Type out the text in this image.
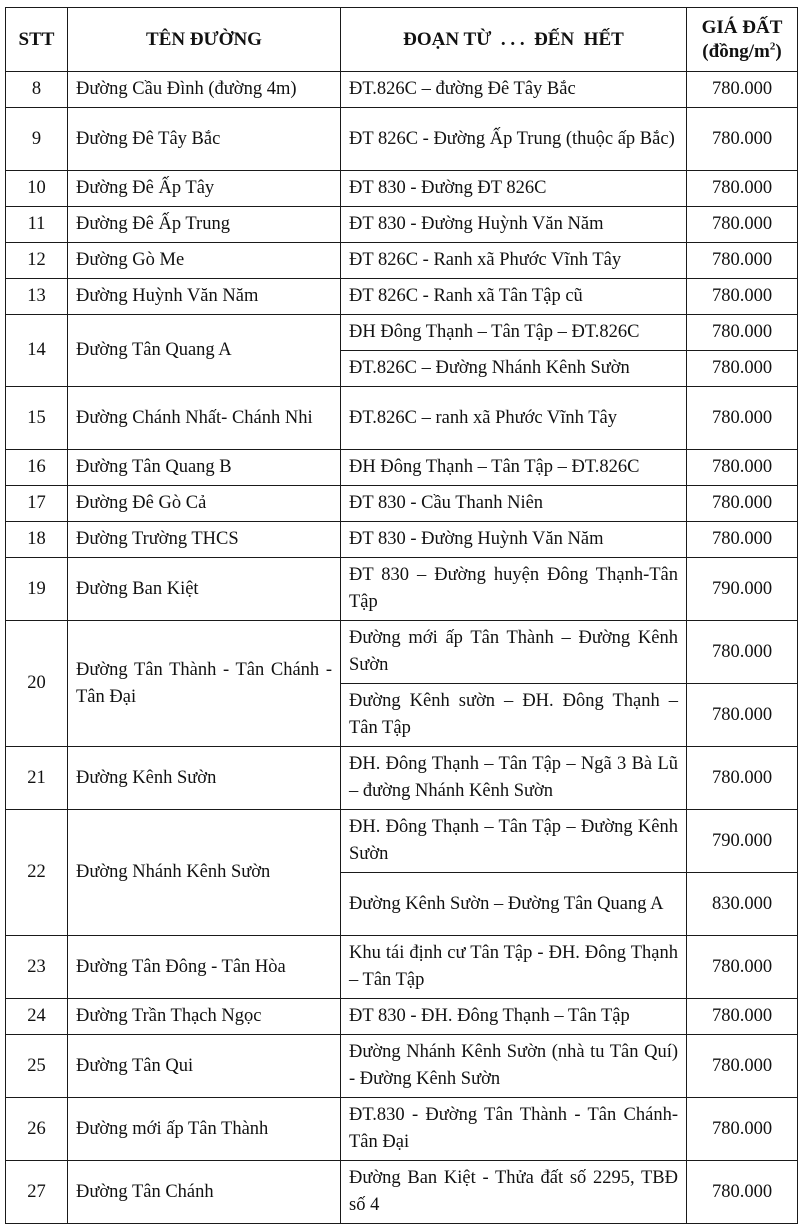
STT	TÊN ĐƯỜNG	ĐOẠN TỪ  . . .  ĐẾN  HẾT	GIÁ ĐẤT
$(đồng/m^2)$
8	Đường Cầu Đình (đường 4m)	ĐT.826C – đường Đê Tây Bắc	780.000
9	Đường Đê Tây Bắc	ĐT 826C - Đường Ấp Trung (thuộc ấp Bắc)	780.000
10	Đường Đê Ấp Tây	ĐT 830 - Đường ĐT 826C	780.000
11	Đường Đê Ấp Trung	ĐT 830 - Đường Huỳnh Văn Năm	780.000
12	Đường Gò Me	ĐT 826C - Ranh xã Phước Vĩnh Tây	780.000
13	Đường Huỳnh Văn Năm	ĐT 826C - Ranh xã Tân Tập cũ	780.000
14	Đường Tân Quang A	ĐH Đông Thạnh – Tân Tập – ĐT.826C	780.000
		ĐT.826C – Đường Nhánh Kênh Sườn	780.000
15	Đường Chánh Nhất- Chánh Nhi	ĐT.826C – ranh xã Phước Vĩnh Tây	780.000
16	Đường Tân Quang B	ĐH Đông Thạnh – Tân Tập – ĐT.826C	780.000
17	Đường Đê Gò Cả	ĐT 830 - Cầu Thanh Niên	780.000
18	Đường Trường THCS	ĐT 830 - Đường Huỳnh Văn Năm	780.000
19	Đường Ban Kiệt	ĐT 830 – Đường huyện Đông Thạnh-Tân Tập	790.000
20	Đường Tân Thành - Tân Chánh - Tân Đại	Đường mới ấp Tân Thành – Đường Kênh Sườn	780.000
		Đường Kênh sườn – ĐH. Đông Thạnh – Tân Tập	780.000
21	Đường Kênh Sườn	ĐH. Đông Thạnh – Tân Tập – Ngã 3 Bà Lũ – đường Nhánh Kênh Sườn	780.000
22	Đường Nhánh Kênh Sườn	ĐH. Đông Thạnh – Tân Tập – Đường Kênh Sườn	790.000
		Đường Kênh Sườn – Đường Tân Quang A	830.000
23	Đường Tân Đông - Tân Hòa	Khu tái định cư Tân Tập - ĐH. Đông Thạnh – Tân Tập	780.000
24	Đường Trần Thạch Ngọc	ĐT 830 - ĐH. Đông Thạnh – Tân Tập	780.000
25	Đường Tân Qui	Đường Nhánh Kênh Sườn (nhà tu Tân Quí) - Đường Kênh Sườn	780.000
26	Đường mới ấp Tân Thành	ĐT.830 - Đường Tân Thành - Tân Chánh- Tân Đại	780.000
27	Đường Tân Chánh	Đường Ban Kiệt - Thửa đất số 2295, TBĐ số 4	780.000
